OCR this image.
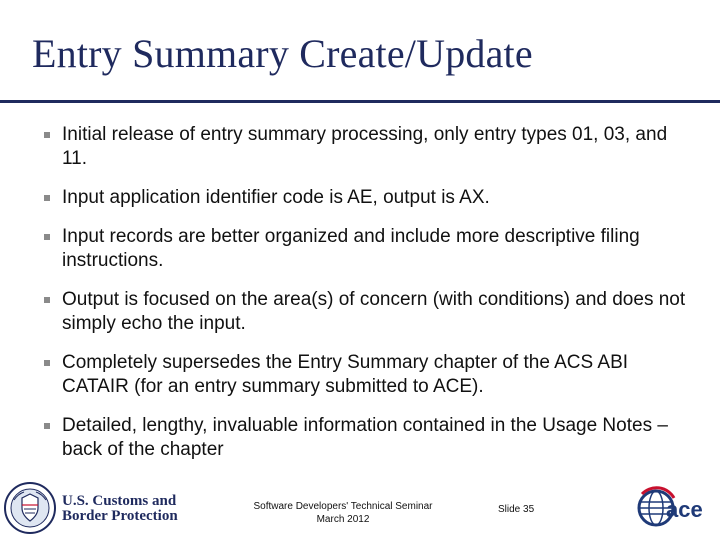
Entry Summary Create/Update
Initial release of entry summary processing, only entry types 01, 03, and 11.
Input application identifier code is AE, output is AX.
Input records are better organized and include more descriptive filing instructions.
Output is focused on the area(s) of concern (with conditions) and does not simply echo the input.
Completely supersedes the Entry Summary chapter of the ACS ABI CATAIR (for an entry summary submitted to ACE).
Detailed, lengthy, invaluable information contained in the Usage Notes – back of the chapter
U.S. Customs and
Border Protection
Software Developers' Technical Seminar
March 2012
Slide 35	ace
